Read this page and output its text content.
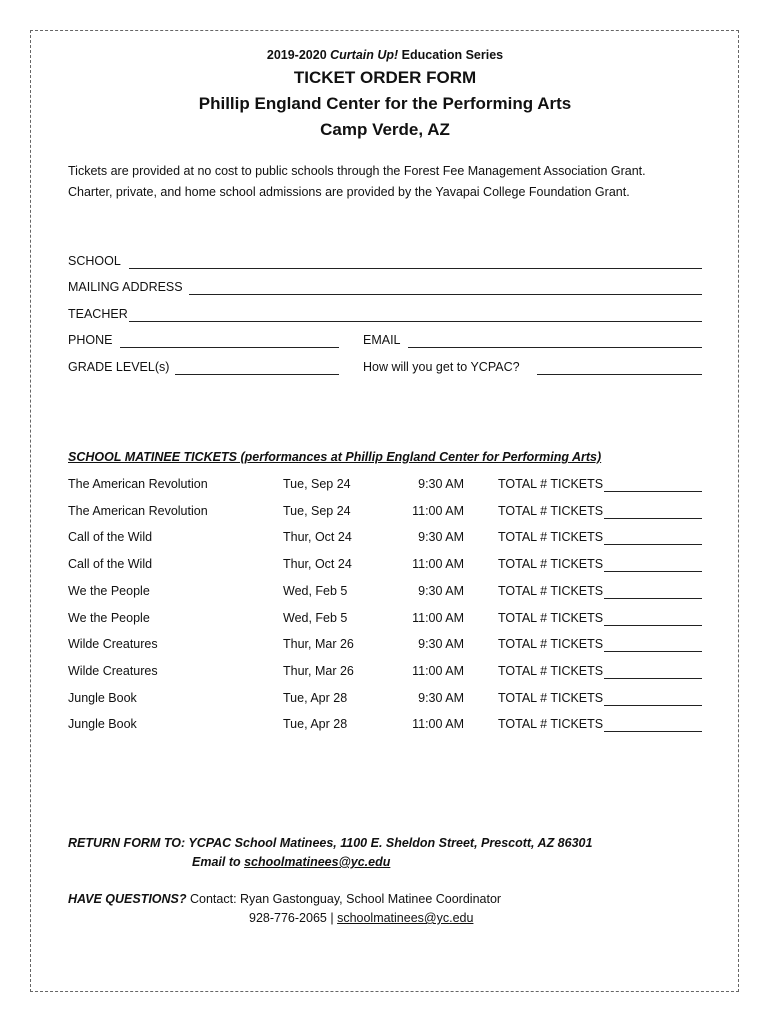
2019-2020 Curtain Up! Education Series
TICKET ORDER FORM
Phillip England Center for the Performing Arts
Camp Verde, AZ
Tickets are provided at no cost to public schools through the Forest Fee Management Association Grant.
Charter, private, and home school admissions are provided by the Yavapai College Foundation Grant.
SCHOOL
MAILING ADDRESS
TEACHER
PHONE	EMAIL
GRADE LEVEL(s)	How will you get to YCPAC?
SCHOOL MATINEE TICKETS (performances at Phillip England Center for Performing Arts)
The American Revolution	Tue, Sep 24	9:30 AM	TOTAL # TICKETS
The American Revolution	Tue, Sep 24	11:00 AM	TOTAL # TICKETS
Call of the Wild	Thur, Oct 24	9:30 AM	TOTAL # TICKETS
Call of the Wild	Thur, Oct 24	11:00 AM	TOTAL # TICKETS
We the People	Wed, Feb 5	9:30 AM	TOTAL # TICKETS
We the People	Wed, Feb 5	11:00 AM	TOTAL # TICKETS
Wilde Creatures	Thur, Mar 26	9:30 AM	TOTAL # TICKETS
Wilde Creatures	Thur, Mar 26	11:00 AM	TOTAL # TICKETS
Jungle Book	Tue, Apr 28	9:30 AM	TOTAL # TICKETS
Jungle Book	Tue, Apr 28	11:00 AM	TOTAL # TICKETS
RETURN FORM TO: YCPAC School Matinees, 1100 E. Sheldon Street, Prescott, AZ 86301
Email to schoolmatinees@yc.edu
HAVE QUESTIONS? Contact: Ryan Gastonguay, School Matinee Coordinator
928-776-2065 | schoolmatinees@yc.edu
